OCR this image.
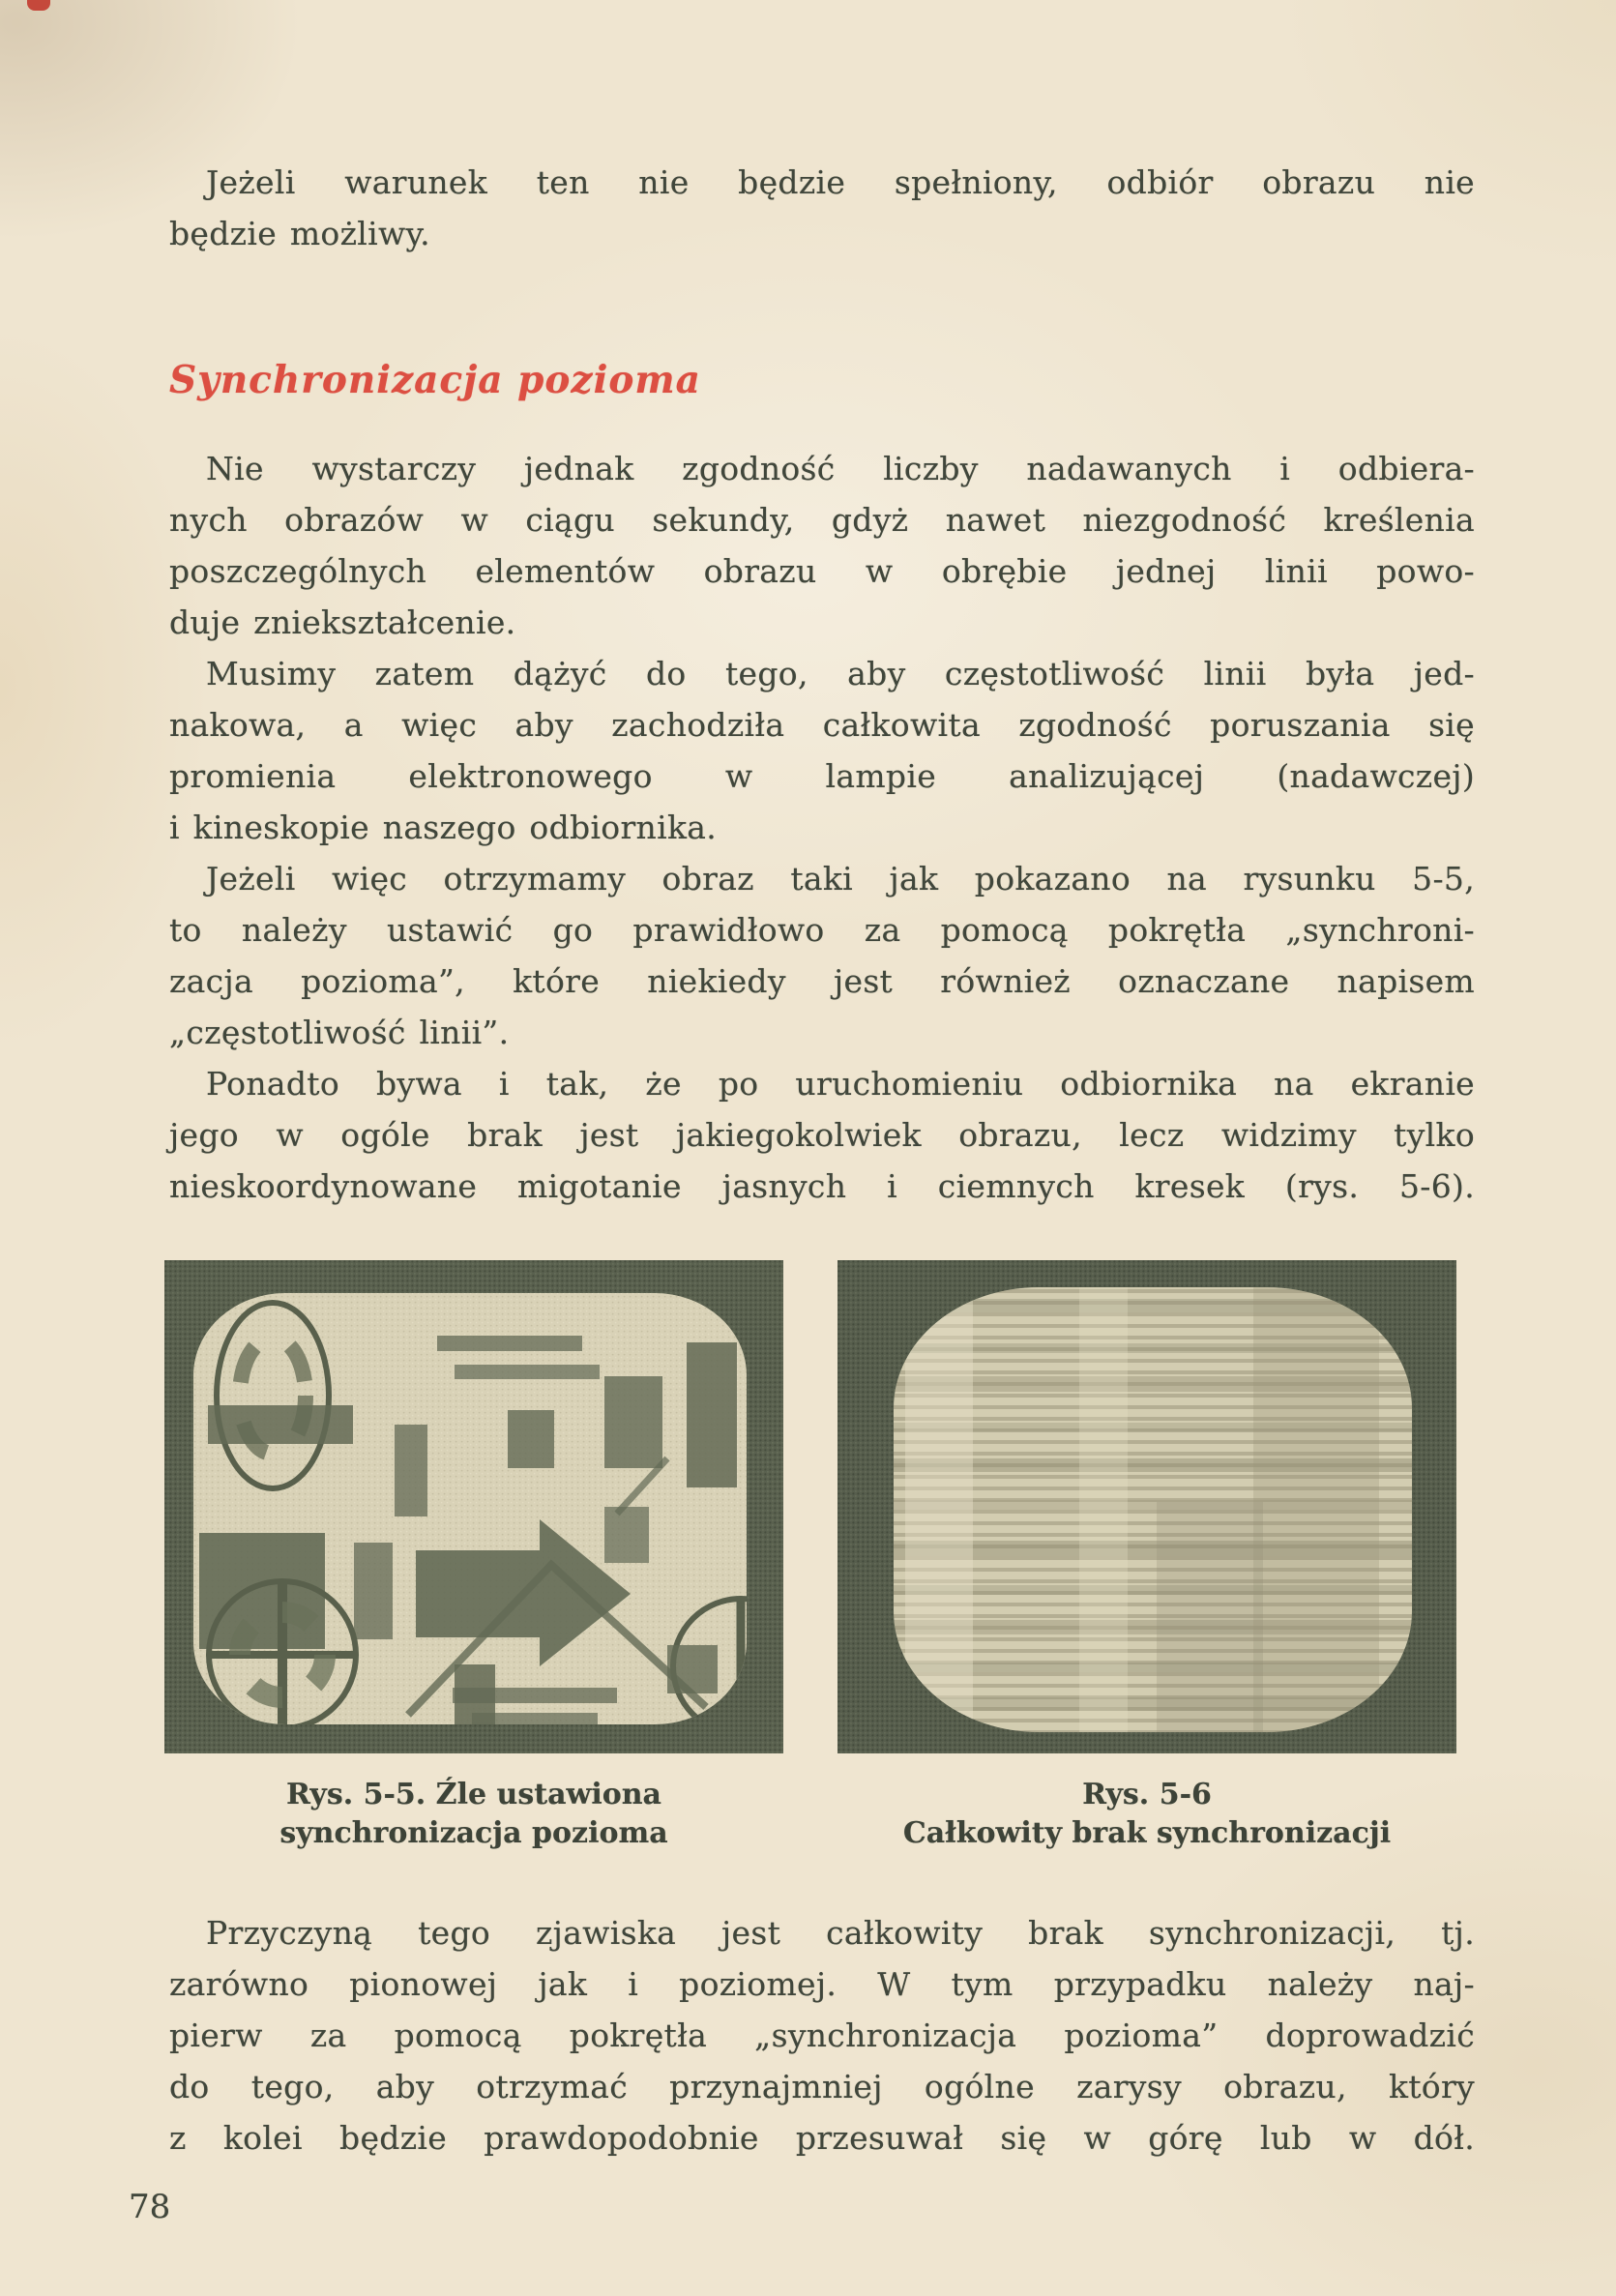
Jeżeli warunek ten nie będzie spełniony, odbiór obrazu nie
będzie możliwy.
Synchronizacja pozioma
Nie wystarczy jednak zgodność liczby nadawanych i odbiera-
nych obrazów w ciągu sekundy, gdyż nawet niezgodność kreślenia
poszczególnych elementów obrazu w obrębie jednej linii powo-
duje zniekształcenie.
Musimy zatem dążyć do tego, aby częstotliwość linii była jed-
nakowa, a więc aby zachodziła całkowita zgodność poruszania się
promienia elektronowego w lampie analizującej (nadawczej)
i kineskopie naszego odbiornika.
Jeżeli więc otrzymamy obraz taki jak pokazano na rysunku 5-5,
to należy ustawić go prawidłowo za pomocą pokrętła „synchroni-
zacja pozioma”, które niekiedy jest również oznaczane napisem
„częstotliwość linii”.
Ponadto bywa i tak, że po uruchomieniu odbiornika na ekranie
jego w ogóle brak jest jakiegokolwiek obrazu, lecz widzimy tylko
nieskoordynowane migotanie jasnych i ciemnych kresek (rys. 5-6).
Rys. 5-5. Źle ustawiona
synchronizacja pozioma
Rys. 5-6
Całkowity brak synchronizacji
Przyczyną tego zjawiska jest całkowity brak synchronizacji, tj.
zarówno pionowej jak i poziomej. W tym przypadku należy naj-
pierw za pomocą pokrętła „synchronizacja pozioma” doprowadzić
do tego, aby otrzymać przynajmniej ogólne zarysy obrazu, który
z kolei będzie prawdopodobnie przesuwał się w górę lub w dół.
78
